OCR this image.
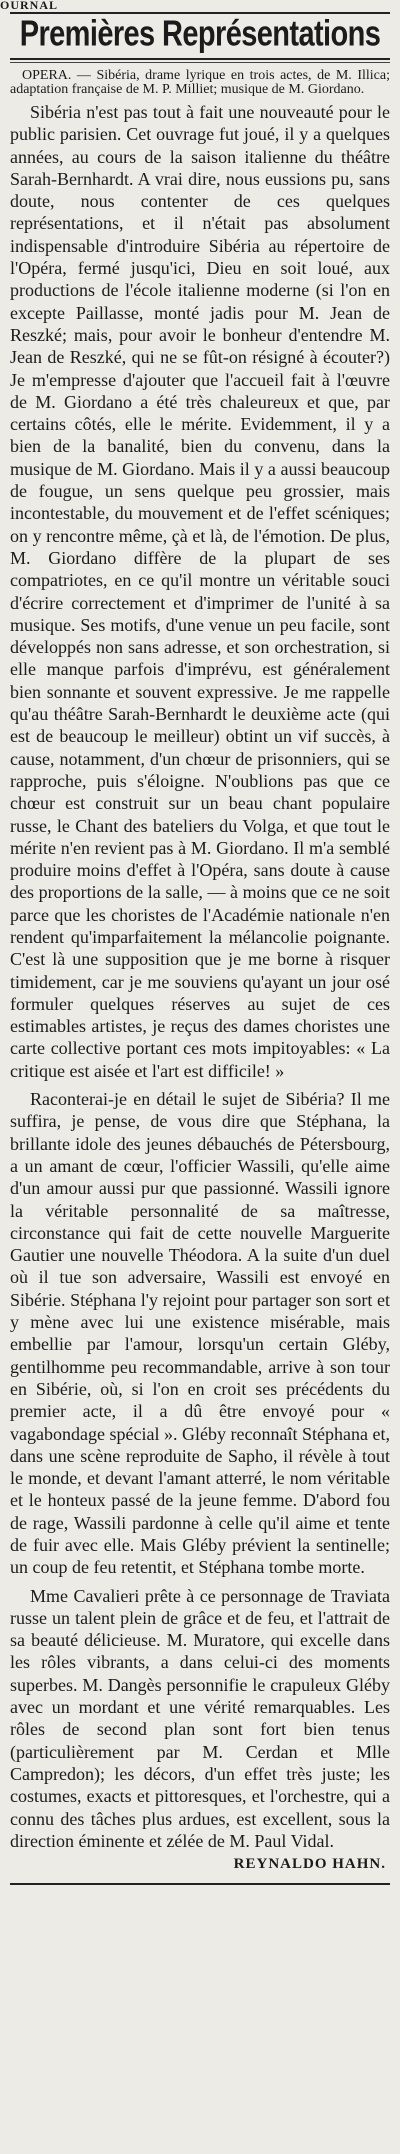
OURNAL
Premières Représentations
OPERA. — Sibéria, drame lyrique en trois actes, de M. Illica; adaptation française de M. P. Milliet; musique de M. Giordano.

Sibéria n'est pas tout à fait une nouveauté pour le public parisien. Cet ouvrage fut joué, il y a quelques années, au cours de la saison italienne du théâtre Sarah-Bernhardt. A vrai dire, nous eussions pu, sans doute, nous contenter de ces quelques représentations, et il n'était pas absolument indispensable d'introduire Sibéria au répertoire de l'Opéra, fermé jusqu'ici, Dieu en soit loué, aux productions de l'école italienne moderne (si l'on en excepte Paillasse, monté jadis pour M. Jean de Reszké; mais, pour avoir le bonheur d'entendre M. Jean de Reszké, qui ne se fût-on résigné à écouter?) Je m'empresse d'ajouter que l'accueil fait à l'œuvre de M. Giordano a été très chaleureux et que, par certains côtés, elle le mérite. Evidemment, il y a bien de la banalité, bien du convenu, dans la musique de M. Giordano. Mais il y a aussi beaucoup de fougue, un sens quelque peu grossier, mais incontestable, du mouvement et de l'effet scéniques; on y rencontre même, çà et là, de l'émotion. De plus, M. Giordano diffère de la plupart de ses compatriotes, en ce qu'il montre un véritable souci d'écrire correctement et d'imprimer de l'unité à sa musique. Ses motifs, d'une venue un peu facile, sont développés non sans adresse, et son orchestration, si elle manque parfois d'imprévu, est généralement bien sonnante et souvent expressive. Je me rappelle qu'au théâtre Sarah-Bernhardt le deuxième acte (qui est de beaucoup le meilleur) obtint un vif succès, à cause, notamment, d'un chœur de prisonniers, qui se rapproche, puis s'éloigne. N'oublions pas que ce chœur est construit sur un beau chant populaire russe, le Chant des bateliers du Volga, et que tout le mérite n'en revient pas à M. Giordano. Il m'a semblé produire moins d'effet à l'Opéra, sans doute à cause des proportions de la salle, — à moins que ce ne soit parce que les choristes de l'Académie nationale n'en rendent qu'imparfaitement la mélancolie poignante. C'est là une supposition que je me borne à risquer timidement, car je me souviens qu'ayant un jour osé formuler quelques réserves au sujet de ces estimables artistes, je reçus des dames choristes une carte collective portant ces mots impitoyables: « La critique est aisée et l'art est difficile! »

Raconterai-je en détail le sujet de Sibéria? Il me suffira, je pense, de vous dire que Stéphana, la brillante idole des jeunes débauchés de Pétersbourg, a un amant de cœur, l'officier Wassili, qu'elle aime d'un amour aussi pur que passionné. Wassili ignore la véritable personnalité de sa maîtresse, circonstance qui fait de cette nouvelle Marguerite Gautier une nouvelle Théodora. A la suite d'un duel où il tue son adversaire, Wassili est envoyé en Sibérie. Stéphana l'y rejoint pour partager son sort et y mène avec lui une existence misérable, mais embellie par l'amour, lorsqu'un certain Gléby, gentilhomme peu recommandable, arrive à son tour en Sibérie, où, si l'on en croit ses précédents du premier acte, il a dû être envoyé pour « vagabondage spécial ». Gléby reconnaît Stéphana et, dans une scène reproduite de Sapho, il révèle à tout le monde, et devant l'amant atterré, le nom véritable et le honteux passé de la jeune femme. D'abord fou de rage, Wassili pardonne à celle qu'il aime et tente de fuir avec elle. Mais Gléby prévient la sentinelle; un coup de feu retentit, et Stéphana tombe morte.

Mme Cavalieri prête à ce personnage de Traviata russe un talent plein de grâce et de feu, et l'attrait de sa beauté délicieuse. M. Muratore, qui excelle dans les rôles vibrants, a dans celui-ci des moments superbes. M. Dangès personnifie le crapuleux Gléby avec un mordant et une vérité remarquables. Les rôles de second plan sont fort bien tenus (particulièrement par M. Cerdan et Mlle Campredon); les décors, d'un effet très juste; les costumes, exacts et pittoresques, et l'orchestre, qui a connu des tâches plus ardues, est excellent, sous la direction éminente et zélée de M. Paul Vidal.

REYNALDO HAHN.
